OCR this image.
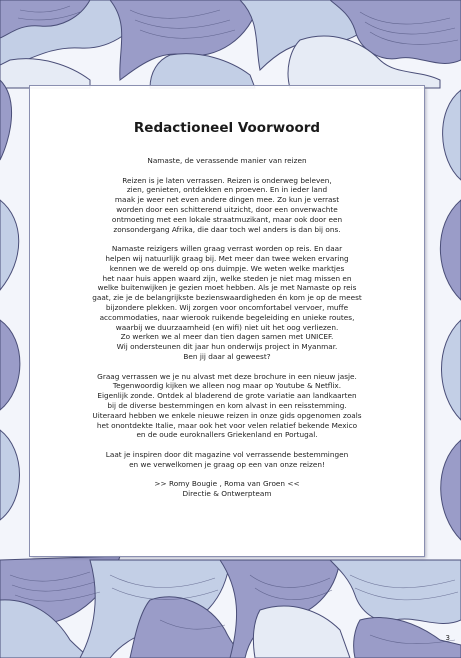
Redactioneel Voorwoord

Namaste, de verassende manier van reizen

Reizen is je laten verrassen. Reizen is onderweg beleven,
zien, genieten, ontdekken en proeven. En in ieder land
maak je weer net even andere dingen mee. Zo kun je verrast
worden door een schitterend uitzicht, door een onverwachte
ontmoeting met een lokale straatmuzikant, maar ook door een
zonsondergang Afrika, die daar toch wel anders is dan bij ons.

Namaste reizigers willen graag verrast worden op reis. En daar
helpen wij natuurlijk graag bij. Met meer dan twee weken ervaring
kennen we de wereld op ons duimpje. We weten welke marktjes
het naar huis appen waard zijn, welke steden je niet mag missen en
welke buitenwijken je gezien moet hebben. Als je met Namaste op reis
gaat, zie je de belangrijkste bezienswaardigheden én kom je op de meest
bijzondere plekken. Wij zorgen voor oncomfortabel vervoer, muffe
accommodaties, naar wierook ruikende begeleiding en unieke routes,
waarbij we duurzaamheid (en wifi) niet uit het oog verliezen.
Zo werken we al meer dan tien dagen samen met UNICEF.
Wij ondersteunen dit jaar hun onderwijs project in Myanmar.
Ben jij daar al geweest?

Graag verrassen we je nu alvast met deze brochure in een nieuw jasje.
Tegenwoordig kijken we alleen nog maar op Youtube & Netflix.
Eigenlijk zonde. Ontdek al bladerend de grote variatie aan landkaarten
bij de diverse bestemmingen en kom alvast in een reisstemming.
Uiteraard hebben we enkele nieuwe reizen in onze gids opgenomen zoals
het onontdekte Italie, maar ook het voor velen relatief bekende Mexico
en de oude euroknallers Griekenland en Portugal.

Laat je inspiren door dit magazine vol verrassende bestemmingen
en we verwelkomen je graag op een van onze reizen!

>> Romy Bougie , Roma van Groen <<

Directie & Ontwerpteam

3
